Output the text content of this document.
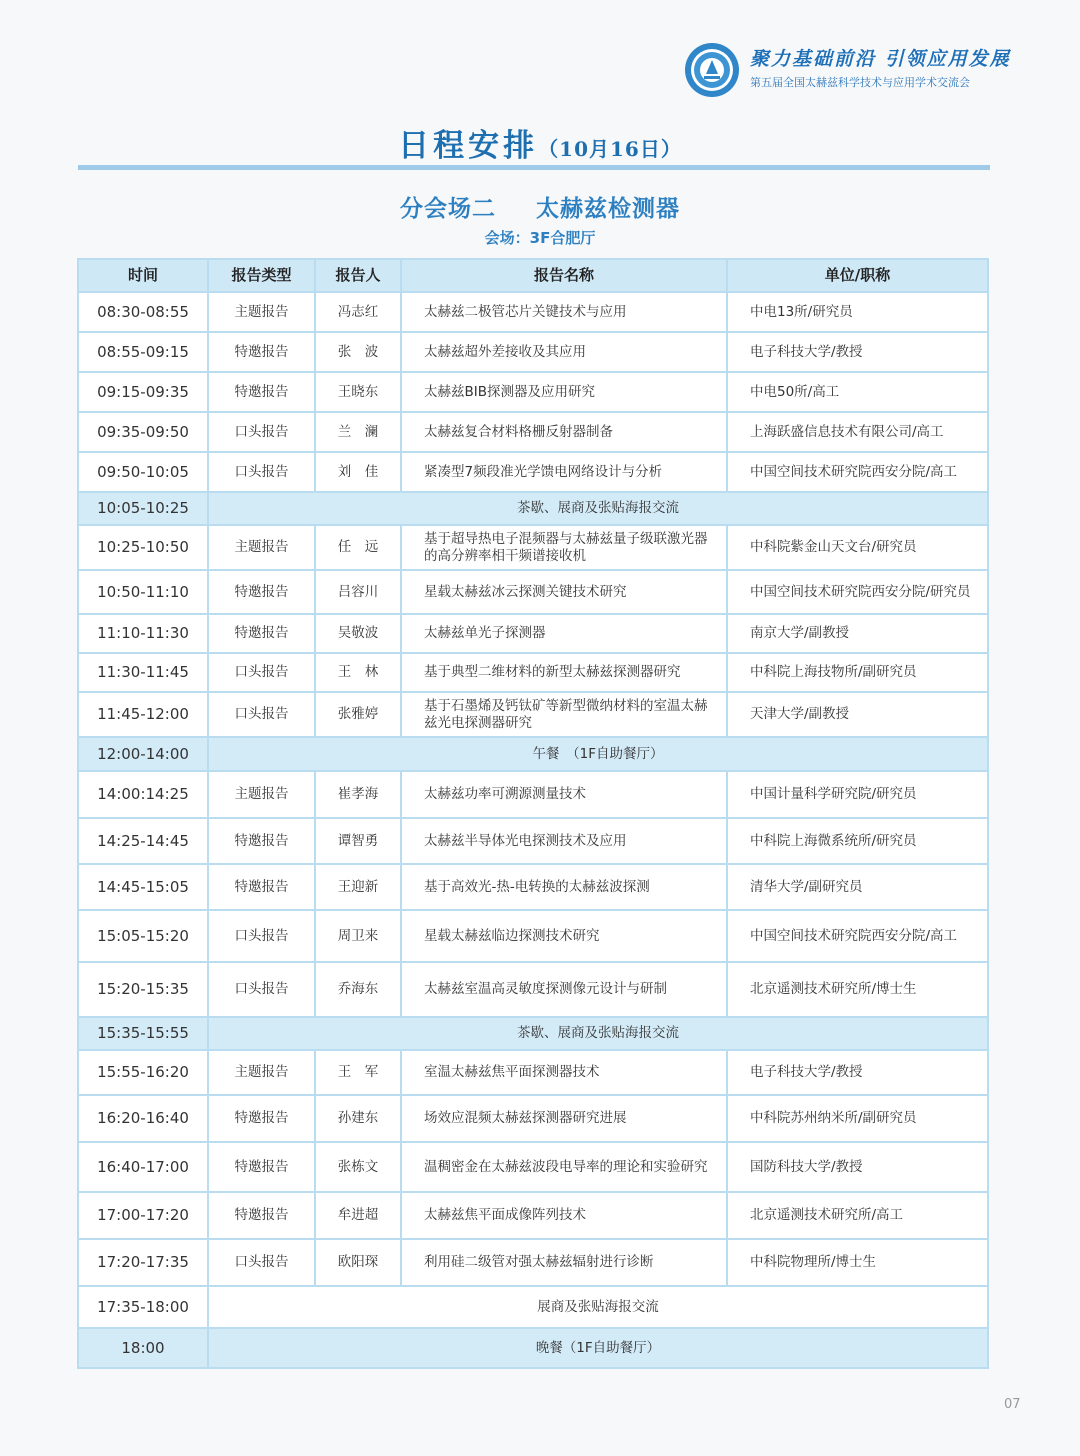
聚力基础前沿 引领应用发展
第五届全国太赫兹科学技术与应用学术交流会
日程安排（10月16日）
分会场二 太赫兹检测器
会场：3F合肥厅
时间	报告类型	报告人	报告名称	单位/职称
08:30-08:55	主题报告	冯志红	太赫兹二极管芯片关键技术与应用	中电13所/研究员
08:55-09:15	特邀报告	张　波	太赫兹超外差接收及其应用	电子科技大学/教授
09:15-09:35	特邀报告	王晓东	太赫兹BIB探测器及应用研究	中电50所/高工
09:35-09:50	口头报告	兰　澜	太赫兹复合材料格栅反射器制备	上海跃盛信息技术有限公司/高工
09:50-10:05	口头报告	刘　佳	紧凑型7频段准光学馈电网络设计与分析	中国空间技术研究院西安分院/高工
10:05-10:25	茶歇、展商及张贴海报交流			
10:25-10:50	主题报告	任　远	基于超导热电子混频器与太赫兹量子级联激光器的高分辨率相干频谱接收机	中科院紫金山天文台/研究员
10:50-11:10	特邀报告	吕容川	星载太赫兹冰云探测关键技术研究	中国空间技术研究院西安分院/研究员
11:10-11:30	特邀报告	吴敬波	太赫兹单光子探测器	南京大学/副教授
11:30-11:45	口头报告	王　林	基于典型二维材料的新型太赫兹探测器研究	中科院上海技物所/副研究员
11:45-12:00	口头报告	张雅婷	基于石墨烯及钙钛矿等新型微纳材料的室温太赫兹光电探测器研究	天津大学/副教授
12:00-14:00	午餐　（1F自助餐厅）			
14:00:14:25	主题报告	崔孝海	太赫兹功率可溯源测量技术	中国计量科学研究院/研究员
14:25-14:45	特邀报告	谭智勇	太赫兹半导体光电探测技术及应用	中科院上海微系统所/研究员
14:45-15:05	特邀报告	王迎新	基于高效光-热-电转换的太赫兹波探测	清华大学/副研究员
15:05-15:20	口头报告	周卫来	星载太赫兹临边探测技术研究	中国空间技术研究院西安分院/高工
15:20-15:35	口头报告	乔海东	太赫兹室温高灵敏度探测像元设计与研制	北京遥测技术研究所/博士生
15:35-15:55	茶歇、展商及张贴海报交流			
15:55-16:20	主题报告	王　军	室温太赫兹焦平面探测器技术	电子科技大学/教授
16:20-16:40	特邀报告	孙建东	场效应混频太赫兹探测器研究进展	中科院苏州纳米所/副研究员
16:40-17:00	特邀报告	张栋文	温稠密金在太赫兹波段电导率的理论和实验研究	国防科技大学/教授
17:00-17:20	特邀报告	牟进超	太赫兹焦平面成像阵列技术	北京遥测技术研究所/高工
17:20-17:35	口头报告	欧阳琛	利用硅二级管对强太赫兹辐射进行诊断	中科院物理所/博士生
17:35-18:00	展商及张贴海报交流			
18:00	晚餐（1F自助餐厅）			
07
